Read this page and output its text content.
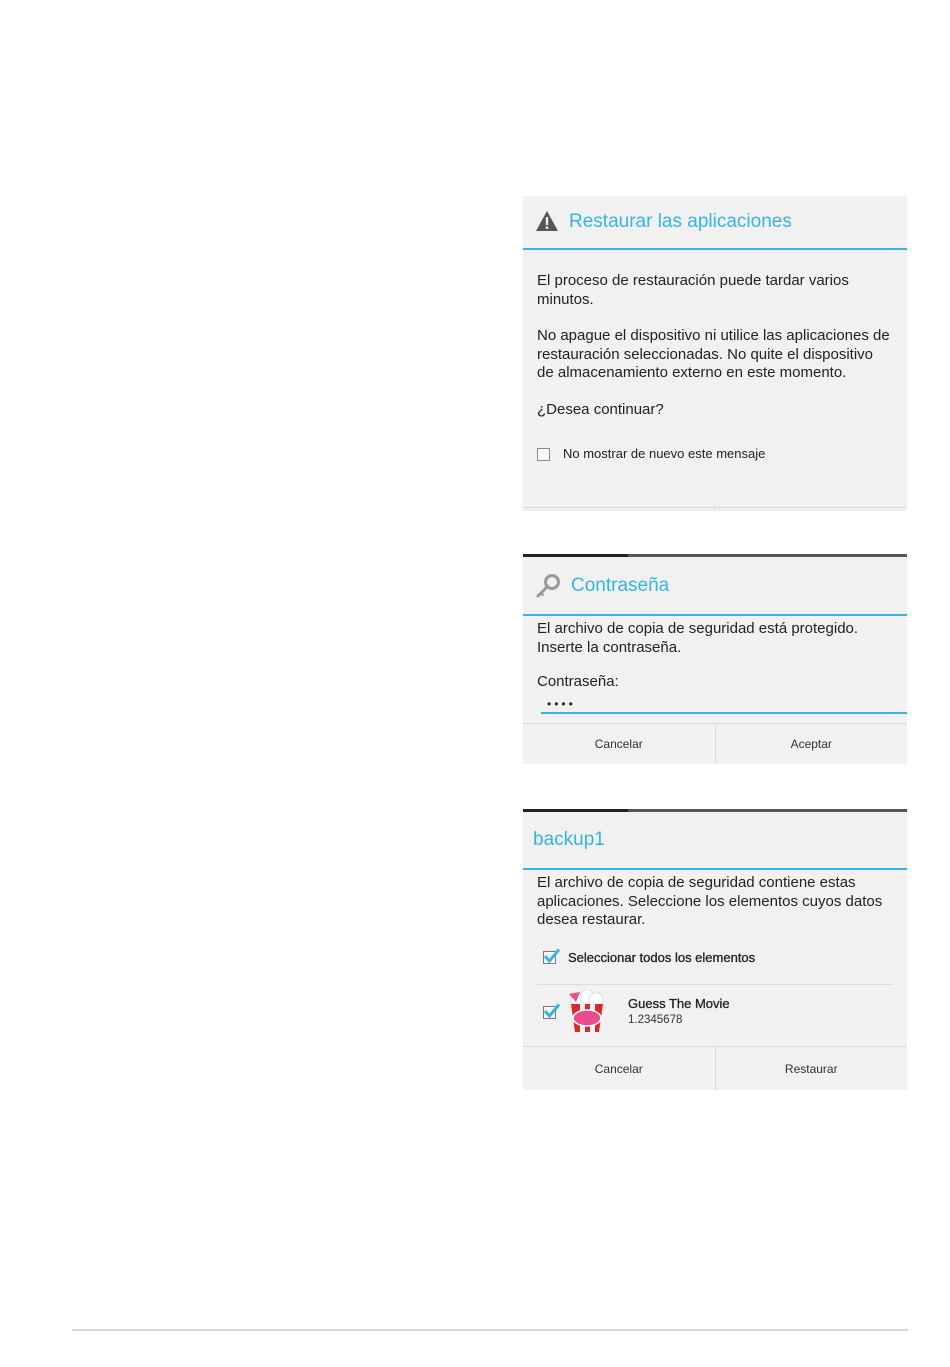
Restaurar las aplicaciones

El proceso de restauración puede tardar varios minutos.

No apague el dispositivo ni utilice las aplicaciones de restauración seleccionadas. No quite el dispositivo de almacenamiento externo en este momento.

¿Desea continuar?

No mostrar de nuevo este mensaje
Contraseña

El archivo de copia de seguridad está protegido. Inserte la contraseña.

Contraseña:

••••
Cancelar	Aceptar
backup1

El archivo de copia de seguridad contiene estas aplicaciones. Seleccione los elementos cuyos datos desea restaurar.

Seleccionar todos los elementos
Guess The Movie
1.2345678
Cancelar	Restaurar
